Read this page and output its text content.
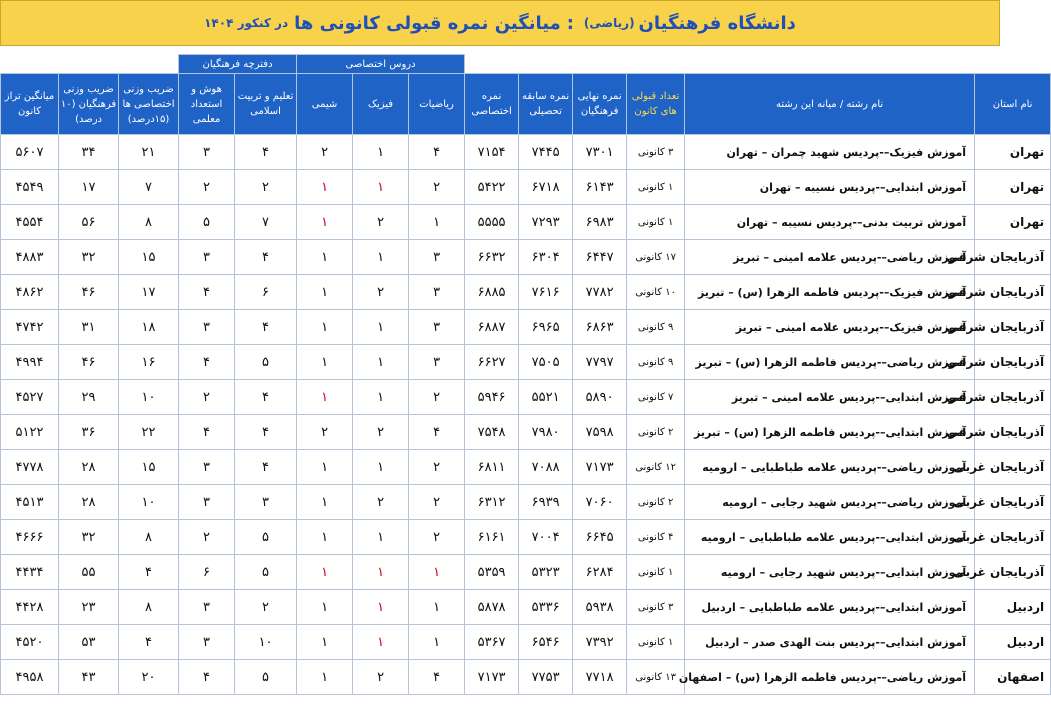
دانشگاه فرهنگیان
(ریاضی)
:
میانگین نمره قبولی کانونی ها
در کنکور ۱۴۰۴
						دروس اختصاصی			دفترچه فرهنگیان				
نام استان	نام رشته / میانه این رشته	تعداد قبولی های کانون	نمره نهایی فرهنگیان	نمره سابقه تحصیلی	نمره اختصاصی	ریاضیات	فیزیک	شیمی	تعلیم و تربیت اسلامی	هوش و استعداد معلمی	ضریب وزنی اختصاصی ها (۱۵درصد)	ضریب وزنی فرهنگیان (۱۰ درصد)	میانگین تراز کانون
تهران	آموزش فیزیک–-پردیس شهید چمران – تهران	۳ کانونی	۷۳۰۱	۷۴۴۵	۷۱۵۴	۴	۱	۲	۴	۳	۲۱	۳۴	۵۶۰۷
تهران	آموزش ابتدایی–-پردیس نسیبه – تهران	۱ کانونی	۶۱۴۳	۶۷۱۸	۵۴۲۲	۲	۱	۱	۲	۲	۷	۱۷	۴۵۴۹
تهران	آموزش تربیت بدنی–-پردیس نسیبه – تهران	۱ کانونی	۶۹۸۳	۷۲۹۳	۵۵۵۵	۱	۲	۱	۷	۵	۸	۵۶	۴۵۵۴
آذربایجان شرقی	آموزش ریاضی–-پردیس علامه امینی – تبریز	۱۷ کانونی	۶۴۴۷	۶۳۰۴	۶۶۳۲	۳	۱	۱	۴	۳	۱۵	۳۲	۴۸۸۳
آذربایجان شرقی	آموزش فیزیک–-پردیس فاطمه الزهرا (س) – تبریز	۱۰ کانونی	۷۷۸۲	۷۶۱۶	۶۸۸۵	۳	۲	۱	۶	۴	۱۷	۴۶	۴۸۶۲
آذربایجان شرقی	آموزش فیزیک–-پردیس علامه امینی – تبریز	۹ کانونی	۶۸۶۳	۶۹۶۵	۶۸۸۷	۳	۱	۱	۴	۳	۱۸	۳۱	۴۷۴۲
آذربایجان شرقی	آموزش ریاضی–-پردیس فاطمه الزهرا (س) – تبریز	۹ کانونی	۷۷۹۷	۷۵۰۵	۶۶۲۷	۳	۱	۱	۵	۴	۱۶	۴۶	۴۹۹۴
آذربایجان شرقی	آموزش ابتدایی–-پردیس علامه امینی – تبریز	۷ کانونی	۵۸۹۰	۵۵۲۱	۵۹۴۶	۲	۱	۱	۴	۲	۱۰	۲۹	۴۵۲۷
آذربایجان شرقی	آموزش ابتدایی–-پردیس فاطمه الزهرا (س) – تبریز	۲ کانونی	۷۵۹۸	۷۹۸۰	۷۵۴۸	۴	۲	۲	۴	۴	۲۲	۳۶	۵۱۲۲
آذربایجان غربی	آموزش ریاضی–-پردیس علامه طباطبایی – ارومیه	۱۲ کانونی	۷۱۷۳	۷۰۸۸	۶۸۱۱	۲	۱	۱	۴	۳	۱۵	۲۸	۴۷۷۸
آذربایجان غربی	آموزش ریاضی–-پردیس شهید رجایی – ارومیه	۲ کانونی	۷۰۶۰	۶۹۳۹	۶۳۱۲	۲	۲	۱	۳	۳	۱۰	۲۸	۴۵۱۳
آذربایجان غربی	آموزش ابتدایی–-پردیس علامه طباطبایی – ارومیه	۴ کانونی	۶۶۴۵	۷۰۰۴	۶۱۶۱	۲	۱	۱	۵	۲	۸	۳۲	۴۶۶۶
آذربایجان غربی	آموزش ابتدایی–-پردیس شهید رجایی – ارومیه	۱ کانونی	۶۲۸۴	۵۳۲۳	۵۳۵۹	۱	۱	۱	۵	۶	۴	۵۵	۴۴۳۴
اردبیل	آموزش ابتدایی–-پردیس علامه طباطبایی – اردبیل	۳ کانونی	۵۹۳۸	۵۳۳۶	۵۸۷۸	۱	۱	۱	۲	۳	۸	۲۳	۴۴۲۸
اردبیل	آموزش ابتدایی–-پردیس بنت الهدی صدر – اردبیل	۱ کانونی	۷۳۹۲	۶۵۴۶	۵۳۶۷	۱	۱	۱	۱۰	۳	۴	۵۳	۴۵۲۰
اصفهان	آموزش ریاضی–-پردیس فاطمه الزهرا (س) – اصفهان	۱۳ کانونی	۷۷۱۸	۷۷۵۳	۷۱۷۳	۴	۲	۱	۵	۴	۲۰	۴۳	۴۹۵۸
